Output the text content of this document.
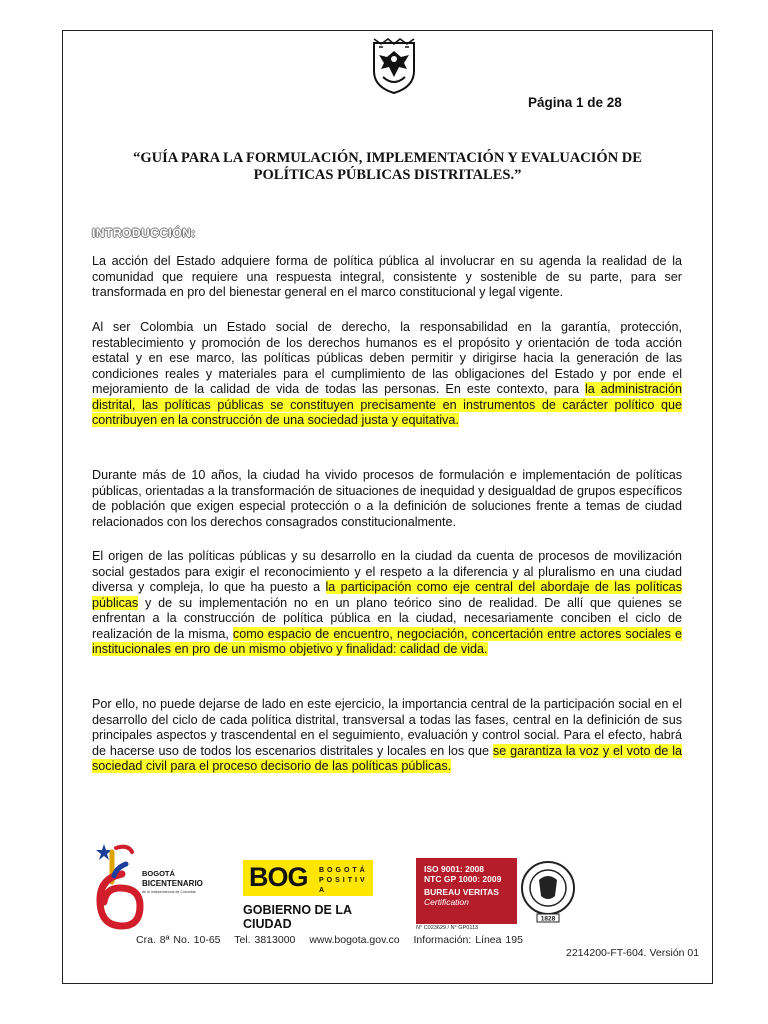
Página 1 de 28
“GUÍA PARA LA FORMULACIÓN, IMPLEMENTACIÓN Y EVALUACIÓN DE
POLÍTICAS PÚBLICAS DISTRITALES.”
INTRODUCCIÓN:

La acción del Estado adquiere forma de política pública al involucrar en su agenda la realidad de la comunidad que requiere una respuesta integral, consistente y sostenible de su parte, para ser transformada en pro del bienestar general en el marco constitucional y legal vigente.

Al ser Colombia un Estado social de derecho, la responsabilidad en la garantía, protección, restablecimiento y promoción de los derechos humanos es el propósito y orientación de toda acción estatal y en ese marco, las políticas públicas deben permitir y dirigirse hacia la generación de las condiciones reales y materiales para el cumplimiento de las obligaciones del Estado y por ende el mejoramiento de la calidad de vida de todas las personas. En este contexto, para la administración distrital, las políticas públicas se constituyen precisamente en instrumentos de carácter político que contribuyen en la construcción de una sociedad justa y equitativa.

Durante más de 10 años, la ciudad ha vivido procesos de formulación e implementación de políticas públicas, orientadas a la transformación de situaciones de inequidad y desigualdad de grupos específicos de población que exigen especial protección o a la definición de soluciones frente a temas de ciudad relacionados con los derechos consagrados constitucionalmente.

El origen de las políticas públicas y su desarrollo en la ciudad da cuenta de procesos de movilización social gestados para exigir el reconocimiento y el respeto a la diferencia y al pluralismo en una ciudad diversa y compleja, lo que ha puesto a la participación como eje central del abordaje de las políticas públicas y de su implementación no en un plano teórico sino de realidad. De allí que quienes se enfrentan a la construcción de política pública en la ciudad, necesariamente conciben el ciclo de realización de la misma, como espacio de encuentro, negociación, concertación entre actores sociales e institucionales en pro de un mismo objetivo y finalidad: calidad de vida.

Por ello, no puede dejarse de lado en este ejercicio, la importancia central de la participación social en el desarrollo del ciclo de cada política distrital, transversal a todas las fases, central en la definición de sus principales aspectos y trascendental en el seguimiento, evaluación y control social. Para el efecto, habrá de hacerse uso de todos los escenarios distritales y locales en los que se garantiza la voz y el voto de la sociedad civil para el proceso decisorio de las políticas públicas.

BOGOTÁ
BICENTENARIO
de la Independencia de Colombia BOG BOGOTÁ POSITIVA
GOBIERNO DE LA CIUDAD
ISO 9001: 2008
NTC GP 1000: 2009
BUREAU VERITAS
Certification
1828
N° C023629 / N° GP0113
Cra. 8ª No. 10-65 Tel. 3813000 www.bogota.gov.co Información: Línea 195
2214200-FT-604. Versión 01
